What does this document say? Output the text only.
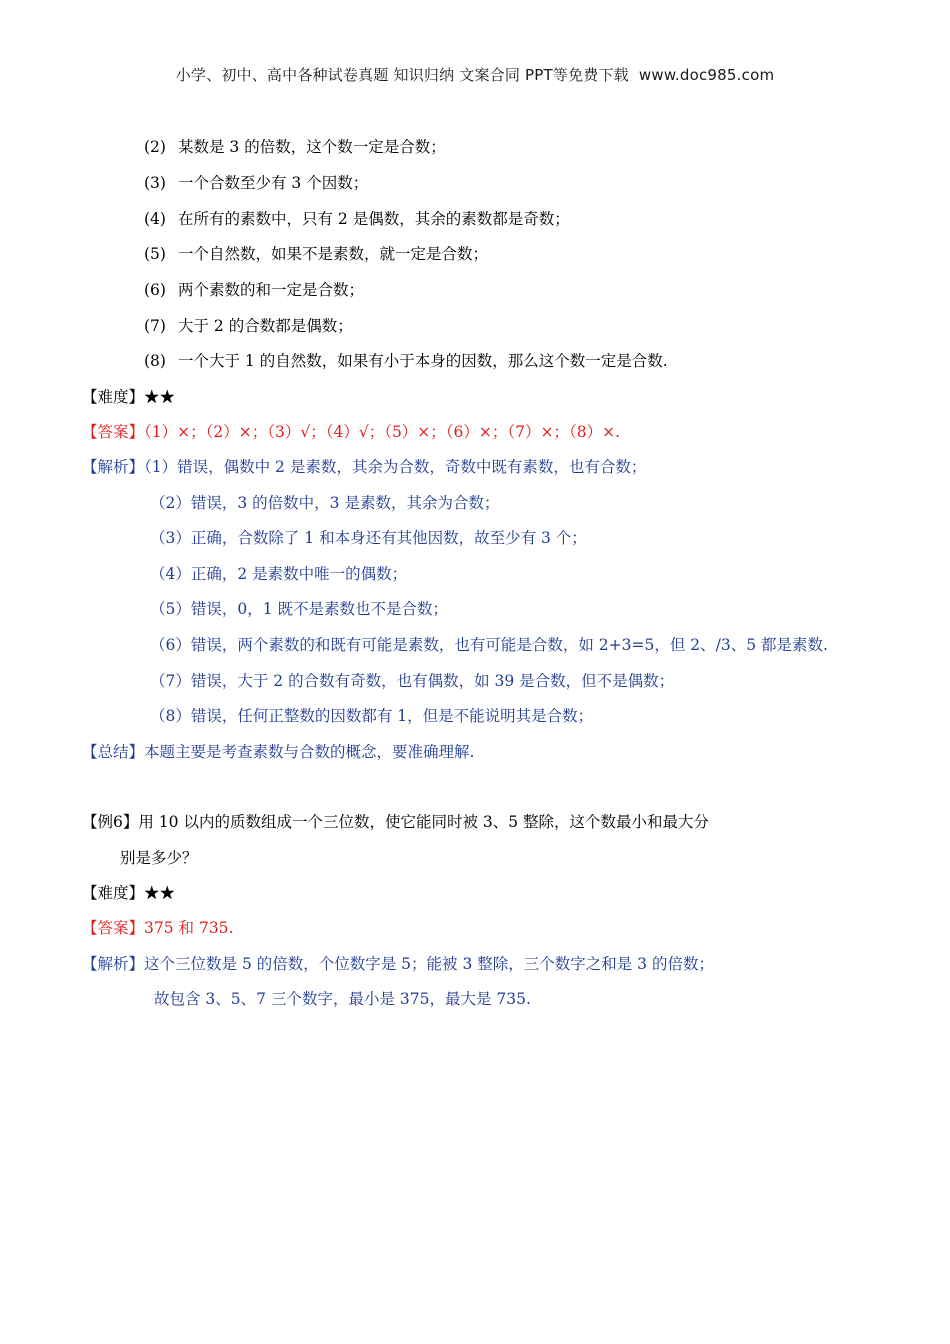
小学、初中、高中各种试卷真题 知识归纳 文案合同 PPT等免费下载 www.doc985.com
(2) 某数是 3 的倍数，这个数一定是合数；
(3) 一个合数至少有 3 个因数；
(4) 在所有的素数中，只有 2 是偶数，其余的素数都是奇数；
(5) 一个自然数，如果不是素数，就一定是合数；
(6) 两个素数的和一定是合数；
(7) 大于 2 的合数都是偶数；
(8) 一个大于 1 的自然数，如果有小于本身的因数，那么这个数一定是合数.
【难度】★★
【答案】（1）×；（2）×；（3）√；（4）√；（5）×；（6）×；（7）×；（8）×.
【解析】（1）错误，偶数中 2 是素数，其余为合数，奇数中既有素数，也有合数；
（2）错误，3 的倍数中，3 是素数，其余为合数；
（3）正确，合数除了 1 和本身还有其他因数，故至少有 3 个；
（4）正确，2 是素数中唯一的偶数；
（5）错误，0，1 既不是素数也不是合数；
（6）错误，两个素数的和既有可能是素数，也有可能是合数，如 2+3=5，但 2、/3、5 都是素数.
（7）错误，大于 2 的合数有奇数，也有偶数，如 39 是合数，但不是偶数；
（8）错误，任何正整数的因数都有 1，但是不能说明其是合数；
【总结】本题主要是考查素数与合数的概念，要准确理解.
【例6】用 10 以内的质数组成一个三位数，使它能同时被 3、5 整除，这个数最小和最大分
别是多少？
【难度】★★
【答案】375 和 735.
【解析】这个三位数是 5 的倍数，个位数字是 5；能被 3 整除，三个数字之和是 3 的倍数；
故包含 3、5、7 三个数字，最小是 375，最大是 735.
